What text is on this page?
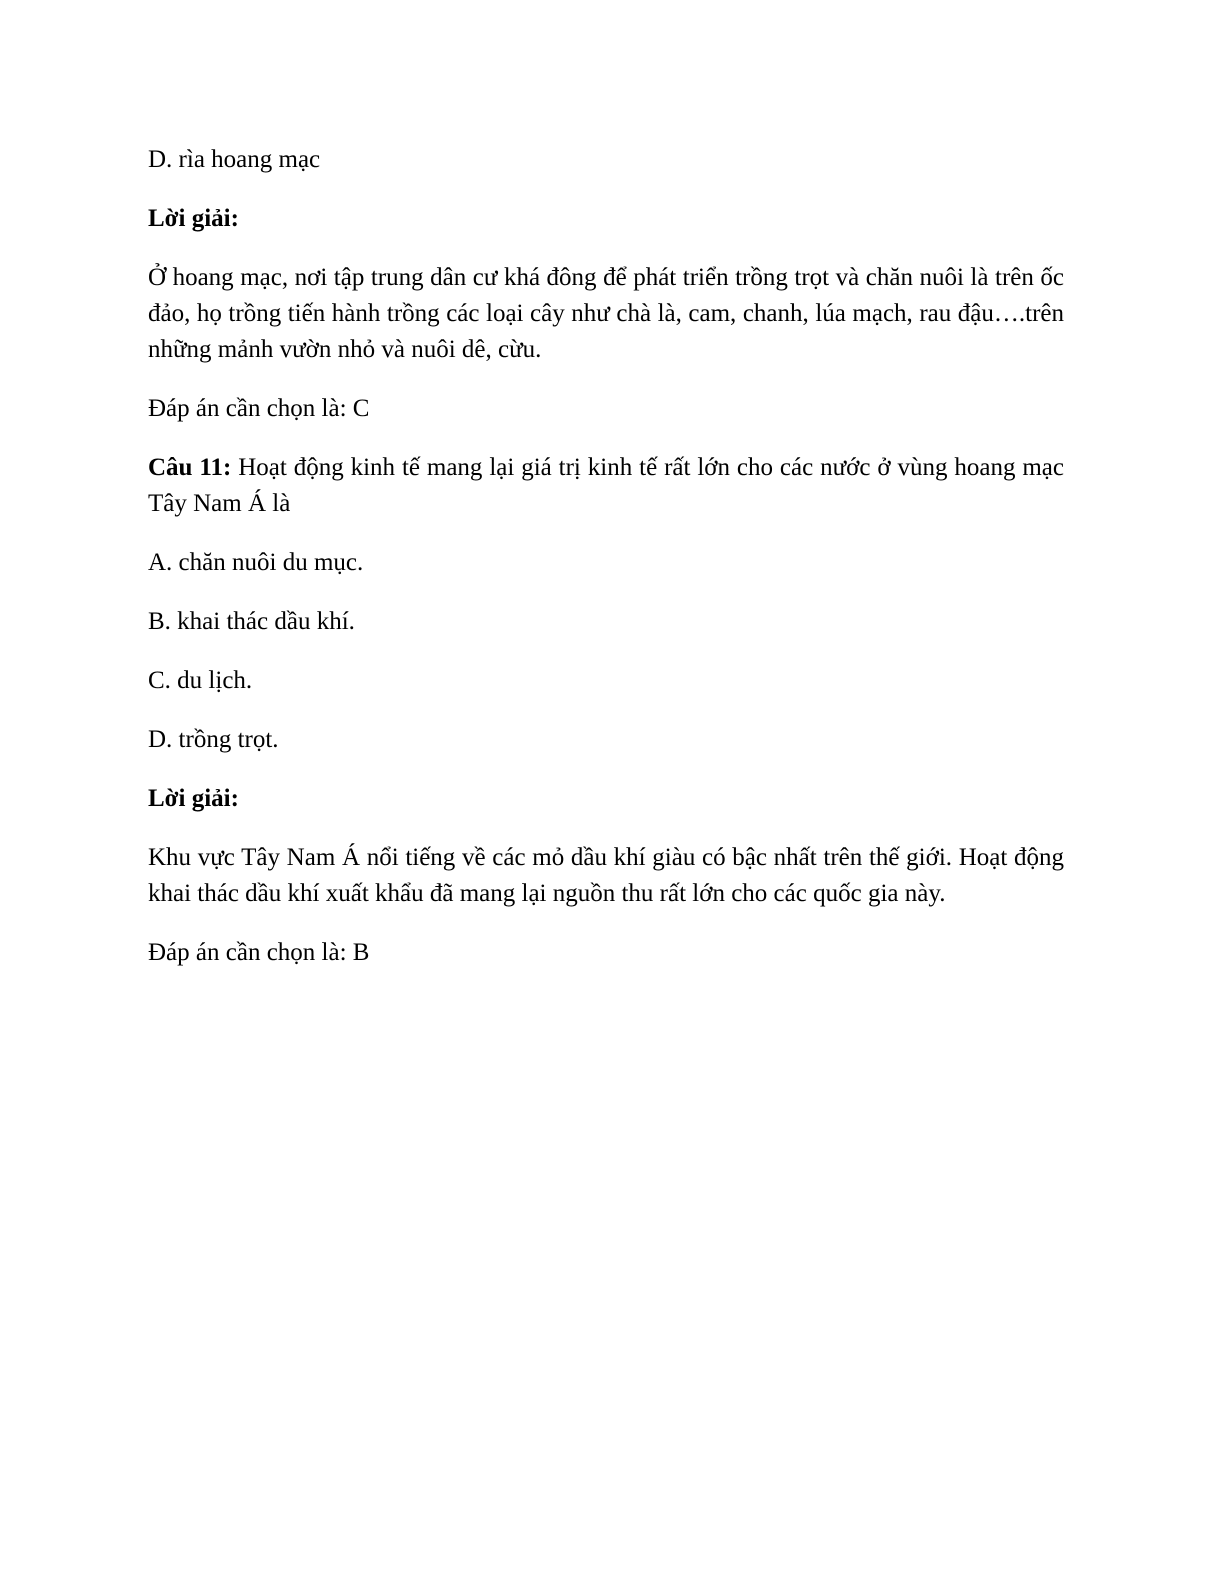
D. rìa hoang mạc

Lời giải:

Ở hoang mạc, nơi tập trung dân cư khá đông để phát triển trồng trọt và chăn nuôi là trên ốc đảo, họ trồng tiến hành trồng các loại cây như chà là, cam, chanh, lúa mạch, rau đậu….trên những mảnh vườn nhỏ và nuôi dê, cừu.

Đáp án cần chọn là: C

Câu 11: Hoạt động kinh tế mang lại giá trị kinh tế rất lớn cho các nước ở vùng hoang mạc Tây Nam Á là

A. chăn nuôi du mục.

B. khai thác dầu khí.

C. du lịch.

D. trồng trọt.

Lời giải:

Khu vực Tây Nam Á nổi tiếng về các mỏ dầu khí giàu có bậc nhất trên thế giới. Hoạt động khai thác dầu khí xuất khẩu đã mang lại nguồn thu rất lớn cho các quốc gia này.

Đáp án cần chọn là: B
